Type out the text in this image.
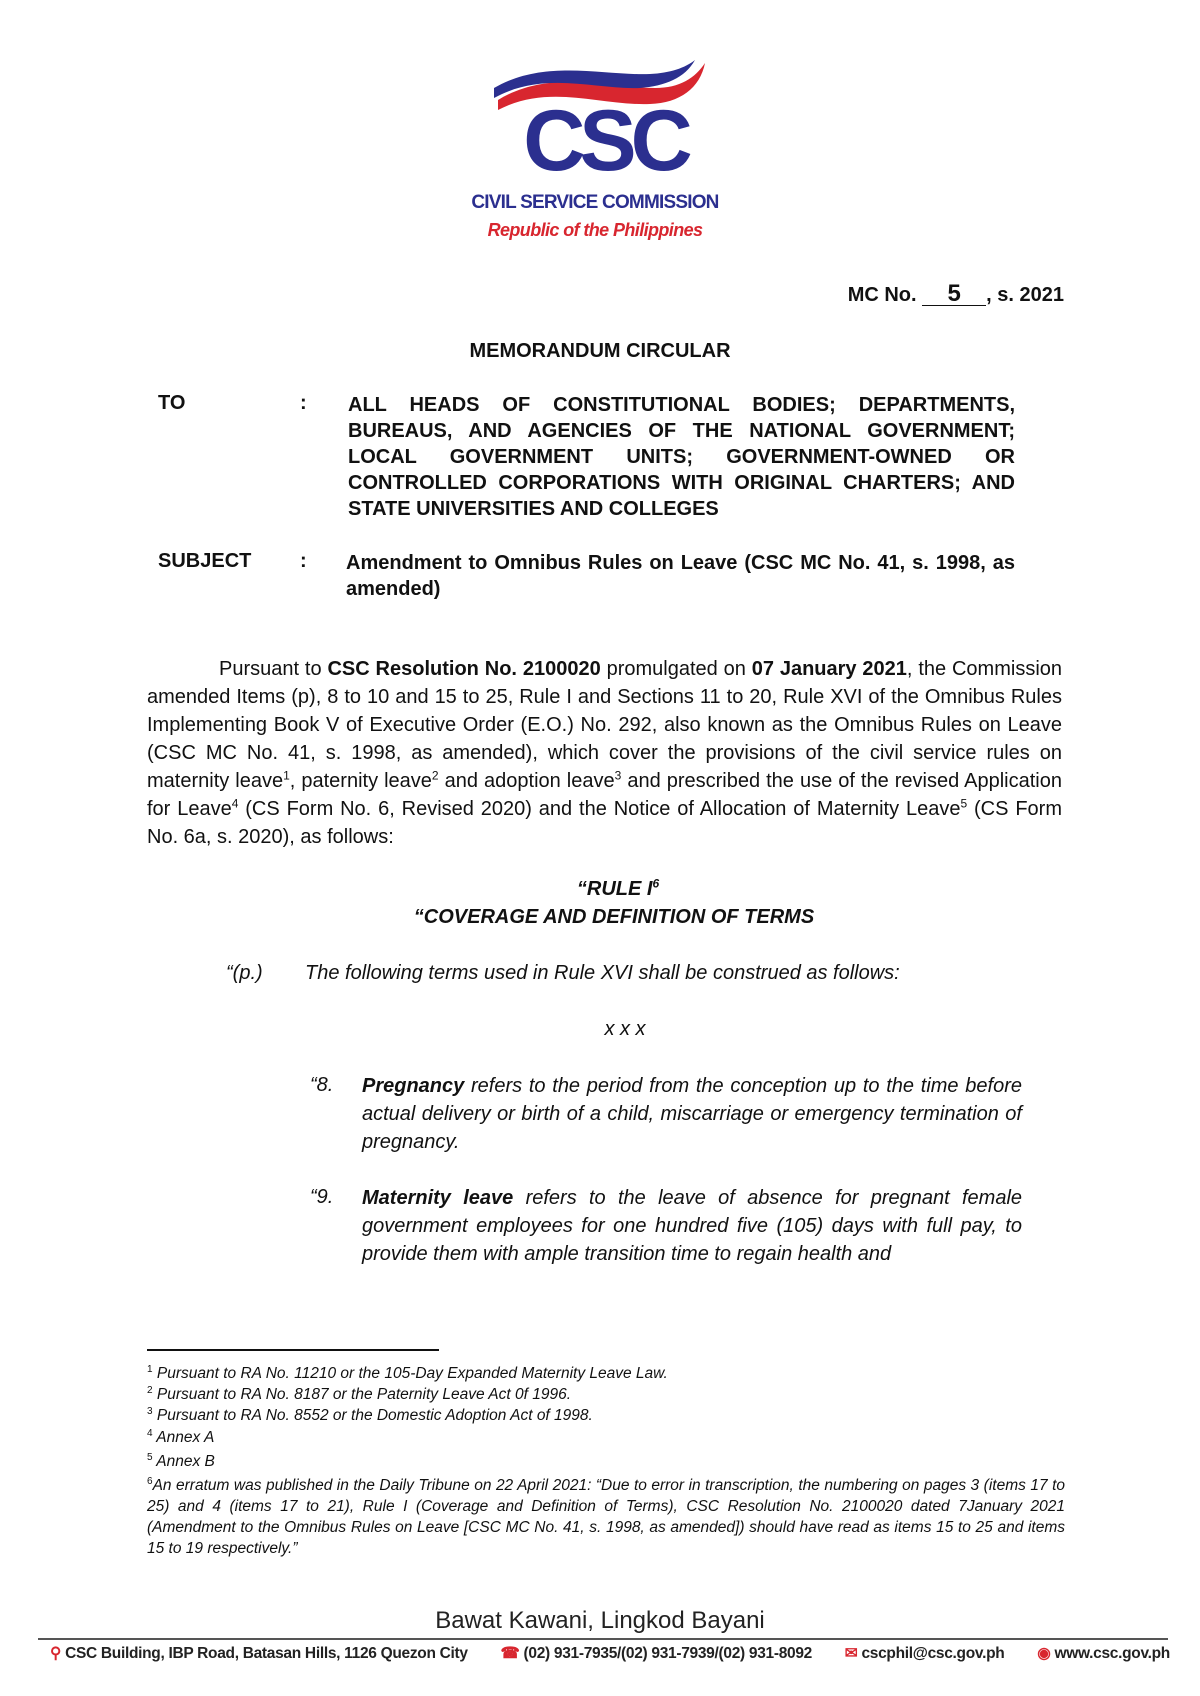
CSC
CIVIL SERVICE COMMISSION
Republic of the Philippines
MC No. 5 , s. 2021
MEMORANDUM CIRCULAR
TO	: ALL HEADS OF CONSTITUTIONAL BODIES; DEPARTMENTS, BUREAUS, AND AGENCIES OF THE NATIONAL GOVERNMENT; LOCAL GOVERNMENT UNITS; GOVERNMENT-OWNED OR CONTROLLED CORPORATIONS WITH ORIGINAL CHARTERS; AND STATE UNIVERSITIES AND COLLEGES
SUBJECT : Amendment to Omnibus Rules on Leave (CSC MC No. 41, s. 1998, as amended)
Pursuant to CSC Resolution No. 2100020 promulgated on 07 January 2021, the Commission amended Items (p), 8 to 10 and 15 to 25, Rule I and Sections 11 to 20, Rule XVI of the Omnibus Rules Implementing Book V of Executive Order (E.O.) No. 292, also known as the Omnibus Rules on Leave (CSC MC No. 41, s. 1998, as amended), which cover the provisions of the civil service rules on maternity leave$^1$, paternity leave$^2$ and adoption leave$^3$ and prescribed the use of the revised Application for Leave$^4$ (CS Form No. 6, Revised 2020) and the Notice of Allocation of Maternity Leave$^5$ (CS Form No. 6a, s. 2020), as follows:
“RULE $I^6$
“COVERAGE AND DEFINITION OF TERMS
“(p.) The following terms used in Rule XVI shall be construed as follows:
x x x
“8. Pregnancy refers to the period from the conception up to the time before actual delivery or birth of a child, miscarriage or emergency termination of pregnancy.
“9. Maternity leave refers to the leave of absence for pregnant female government employees for one hundred five (105) days with full pay, to provide them with ample transition time to regain health and
$^1$ Pursuant to RA No. 11210 or the 105-Day Expanded Maternity Leave Law.
$^2$ Pursuant to RA No. 8187 or the Paternity Leave Act 0f 1996.
$^3$ Pursuant to RA No. 8552 or the Domestic Adoption Act of 1998.
$^4$ Annex A
$^5$ Annex B
$^6$An erratum was published in the Daily Tribune on 22 April 2021: “Due to error in transcription, the numbering on pages 3 (items 17 to 25) and 4 (items 17 to 21), Rule I (Coverage and Definition of Terms), CSC Resolution No. 2100020 dated 7January 2021 (Amendment to the Omnibus Rules on Leave [CSC MC No. 41, s. 1998, as amended]) should have read as items 15 to 25 and items 15 to 19 respectively.”
Bawat Kawani, Lingkod Bayani
⚲ CSC Building, IBP Road, Batasan Hills, 1126 Quezon City ☎ (02) 931-7935/(02) 931-7939/(02) 931-8092 ✉ cscphil@csc.gov.ph ◉ www.csc.gov.ph
